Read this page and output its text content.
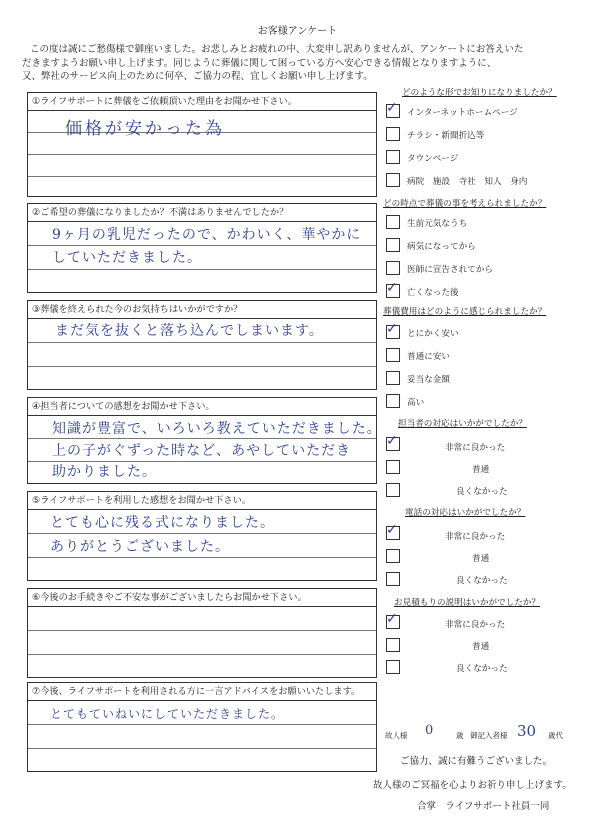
お客様アンケート
この度は誠にご愁傷様で御座いました。お悲しみとお疲れの中、大変申し訳ありませんが、アンケートにお答えいた
だきますようお願い申し上げます。同じように葬儀に関して困っている方へ安心できる情報となりますように、
又、弊社のサービス向上のために何卒、ご協力の程、宜しくお願い申し上げます。
①ライフサポートに葬儀をご依頼頂いた理由をお聞かせ下さい。
②ご希望の葬儀になりましたか？不満はありませんでしたか？
③葬儀を終えられた今のお気持ちはいかがですか？
④担当者についての感想をお聞かせ下さい。
⑤ライフサポートを利用した感想をお聞かせ下さい。
⑥今後のお手続きやご不安な事がございましたらお聞かせ下さい。
⑦今後、ライフサポートを利用される方に一言アドバイスをお願いいたします。
価格が安かった為
9ヶ月の乳児だったので、かわいく、華やかに
していただきました。
まだ気を抜くと落ち込んでしまいます。
知識が豊富で、いろいろ教えていただきました。
上の子がぐずった時など、あやしていただき
助かりました。
とても心に残る式になりました。
ありがとうございました。
とてもていねいにしていただきました。
どのような形でお知りになりましたか？
✓ インターネットホームページ
チラシ・新聞折込等
タウンページ
病院　施設　寺社　知人　身内
どの時点で葬儀の事を考えられましたか？
生前元気なうち
病気になってから
医師に宣告されてから
✓ 亡くなった後
葬儀費用はどのように感じられましたか？
✓ とにかく安い
普通に安い
妥当な金額
高い
担当者の対応はいかがでしたか？
✓	非常に良かった
普通
良くなかった
電話の対応はいかがでしたか？
✓	非常に良かった
普通
良くなかった
お見積もりの説明はいかがでしたか？
✓	非常に良かった
普通
良くなかった
故人様 0	歳 御記入者様 30 歳代
ご協力、誠に有難うございました。
故人様のご冥福を心よりお祈り申し上げます。
合掌　ライフサポート社員一同
